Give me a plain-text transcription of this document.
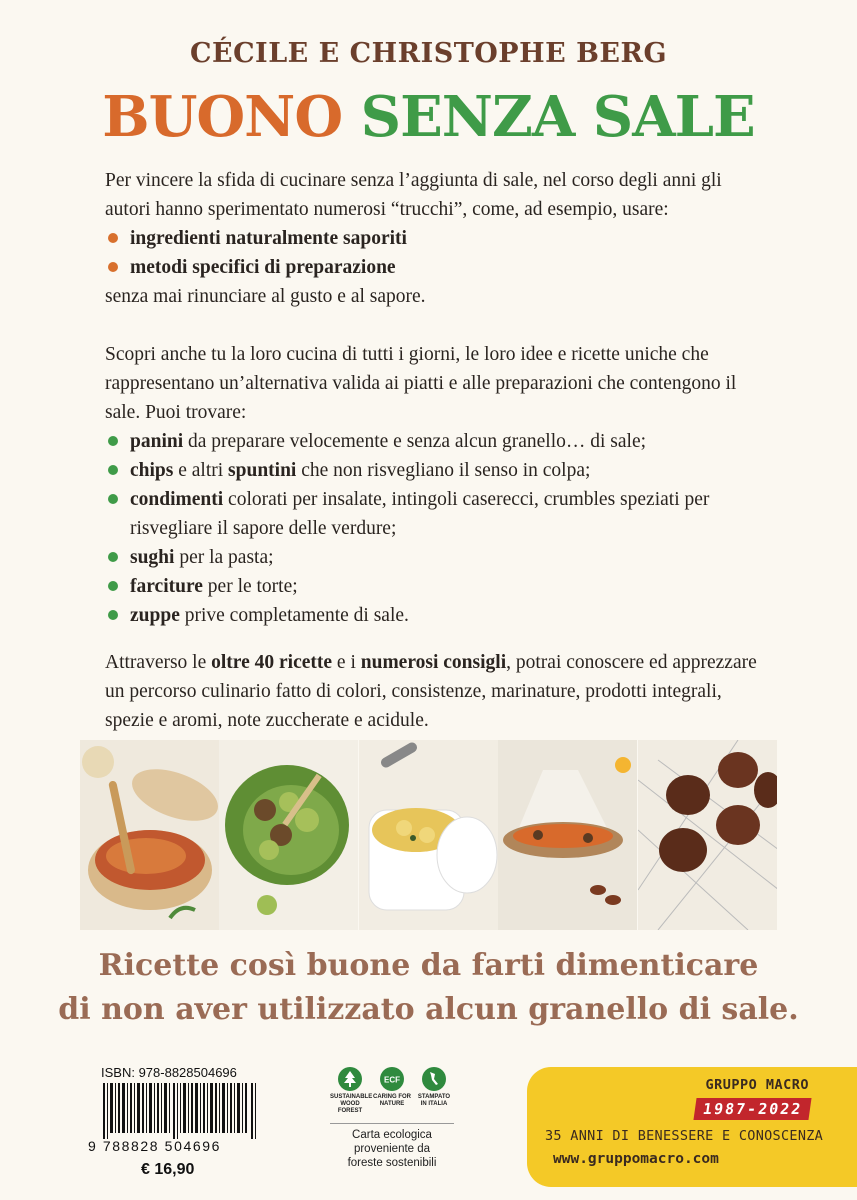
CÉCILE E CHRISTOPHE BERG
BUONO SENZA SALE

Per vincere la sfida di cucinare senza l’aggiunta di sale, nel corso degli anni gli autori hanno sperimentato numerosi “trucchi”, come, ad esempio, usare:

ingredienti naturalmente saporiti
metodi specifici di preparazione

senza mai rinunciare al gusto e al sapore.

Scopri anche tu la loro cucina di tutti i giorni, le loro idee e ricette uniche che rappresentano un’alternativa valida ai piatti e alle preparazioni che contengono il sale. Puoi trovare:

panini da preparare velocemente e senza alcun granello… di sale;
chips e altri spuntini che non risvegliano il senso in colpa;
condimenti colorati per insalate, intingoli caserecci, crumbles speziati per risvegliare il sapore delle verdure;
sughi per la pasta;
farciture per le torte;
zuppe prive completamente di sale.

Attraverso le oltre 40 ricette e i numerosi consigli, potrai conoscere ed apprezzare un percorso culinario fatto di colori, consistenze, marinature, prodotti integrali, spezie e aromi, note zuccherate e acidule.

Ricette così buone da farti dimenticare
di non aver utilizzato alcun granello di sale.
ISBN: 978-8828504696
9 788828 504696
€ 16,90
SUSTAINABLE
WOOD FOREST
ECF
CARING FOR
NATURE
STAMPATO
IN ITALIA
Carta ecologica
proveniente da
foreste sostenibili
GRUPPO MACRO
1987-2022
35 ANNI DI BENESSERE E CONOSCENZA
www.gruppomacro.com
